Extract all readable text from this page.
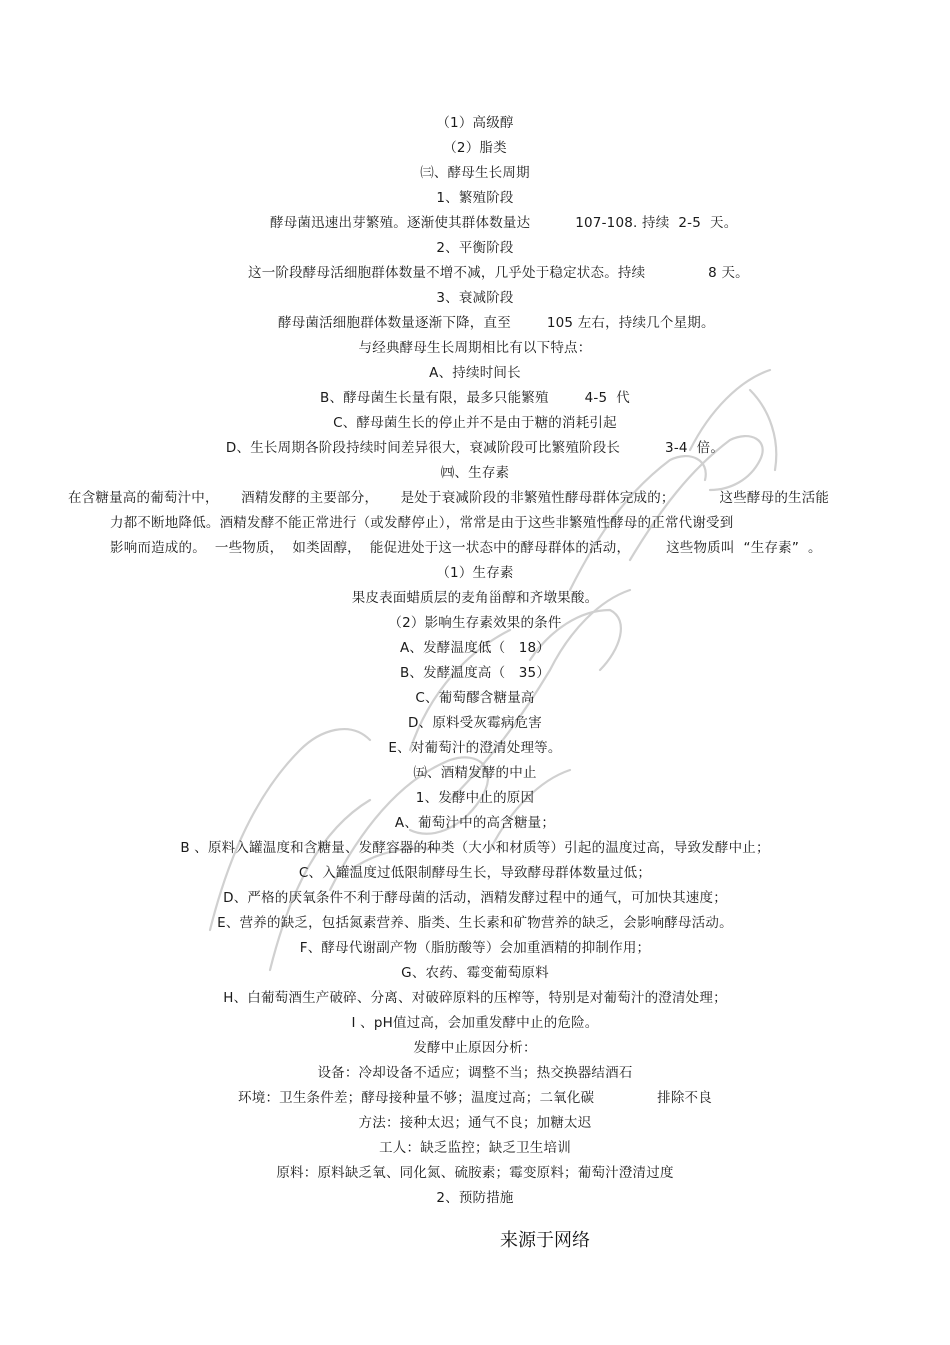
（1）高级醇
（2）脂类
㈢、酵母生长周期
1、繁殖阶段
酵母菌迅速出芽繁殖。逐渐使其群体数量达          107-108. 持续  2-5  天。
2、平衡阶段
这一阶段酵母活细胞群体数量不增不减，几乎处于稳定状态。持续              8 天。
3、衰减阶段
酵母菌活细胞群体数量逐渐下降，直至        105 左右，持续几个星期。
与经典酵母生长周期相比有以下特点：
A、持续时间长
B、酵母菌生长量有限，最多只能繁殖        4-5  代
C、酵母菌生长的停止并不是由于糖的消耗引起
D、生长周期各阶段持续时间差异很大，衰减阶段可比繁殖阶段长          3-4  倍。
㈣、生存素
在含糖量高的葡萄汁中，     酒精发酵的主要部分，     是处于衰减阶段的非繁殖性酵母群体完成的；          这些酵母的生活能
力都不断地降低。酒精发酵不能正常进行（或发酵停止），常常是由于这些非繁殖性酵母的正常代谢受到
影响而造成的。  一些物质，  如类固醇，  能促进处于这一状态中的酵母群体的活动，        这些物质叫  “生存素”  。
（1）生存素
果皮表面蜡质层的麦角甾醇和齐墩果酸。
（2）影响生存素效果的条件
A、发酵温度低（   18）
B、发酵温度高（   35）
C、葡萄醪含糖量高
D、原料受灰霉病危害
E、对葡萄汁的澄清处理等。
㈤、酒精发酵的中止
1、发酵中止的原因
A、葡萄汁中的高含糖量；
B 、原料入罐温度和含糖量、发酵容器的种类（大小和材质等）引起的温度过高，导致发酵中止；
C、入罐温度过低限制酵母生长，导致酵母群体数量过低；
D、严格的厌氧条件不利于酵母菌的活动，酒精发酵过程中的通气，可加快其速度；
E、营养的缺乏，包括氮素营养、脂类、生长素和矿物营养的缺乏，会影响酵母活动。
F、酵母代谢副产物（脂肪酸等）会加重酒精的抑制作用；
G、农药、霉变葡萄原料
H、白葡萄酒生产破碎、分离、对破碎原料的压榨等，特别是对葡萄汁的澄清处理；
I 、pH值过高，会加重发酵中止的危险。
发酵中止原因分析：
设备：冷却设备不适应；调整不当；热交换器结酒石
环境：卫生条件差；酵母接种量不够；温度过高；二氧化碳              排除不良
方法：接种太迟；通气不良；加糖太迟
工人：缺乏监控；缺乏卫生培训
原料：原料缺乏氧、同化氮、硫胺素；霉变原料；葡萄汁澄清过度
2、预防措施
来源于网络
